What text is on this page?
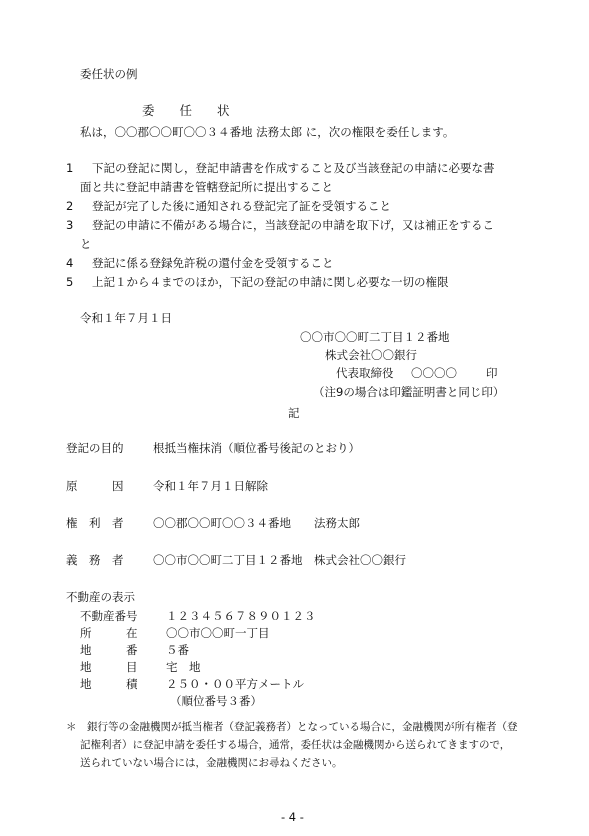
委任状の例
委　　任　　状
私は，〇〇郡〇〇町〇〇３４番地 法務太郎 に，次の権限を委任します。
1 下記の登記に関し，登記申請書を作成すること及び当該登記の申請に必要な書
面と共に登記申請書を管轄登記所に提出すること
2 登記が完了した後に通知される登記完了証を受領すること
3 登記の申請に不備がある場合に，当該登記の申請を取下げ，又は補正をするこ
と
4 登記に係る登録免許税の還付金を受領すること
5 上記１から４までのほか，下記の登記の申請に関し必要な一切の権限
令和１年７月１日
〇〇市〇〇町二丁目１２番地
株式会社〇〇銀行
代表取締役 〇〇〇〇	印
（注9の場合は印鑑証明書と同じ印）
記
登記の目的	根抵当権抹消（順位番号後記のとおり）
原　　　因	令和１年７月１日解除
権　利　者	〇〇郡〇〇町〇〇３４番地　　法務太郎
義　務　者	〇〇市〇〇町二丁目１２番地　株式会社〇〇銀行
不動産の表示
不動産番号 １２３４５６７８９０１２３
所　　　在 〇〇市〇〇町一丁目
地　　　番 ５番
地　　　目 宅　地
地　　　積 ２５０・００平方メートル
（順位番号３番）
＊ 銀行等の金融機関が抵当権者（登記義務者）となっている場合に，金融機関が所有権者（登
記権利者）に登記申請を委任する場合，通常，委任状は金融機関から送られてきますので，
送られていない場合には，金融機関にお尋ねください。
- 4 -
